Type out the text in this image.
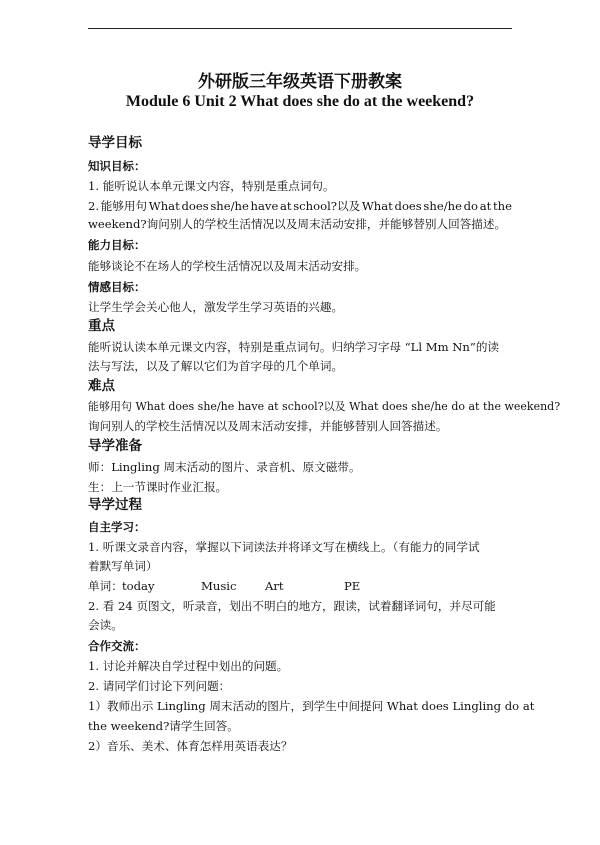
外研版三年级英语下册教案
Module 6 Unit 2 What does she do at the weekend?
导学目标
知识目标：
1. 能听说认本单元课文内容，特别是重点词句。
2. 能够用句 What does she/he have at school?以及 What does she/he do at the
weekend?询问别人的学校生活情况以及周末活动安排，并能够替别人回答描述。
能力目标：
能够谈论不在场人的学校生活情况以及周末活动安排。
情感目标：
让学生学会关心他人，激发学生学习英语的兴趣。
重点
能听说认读本单元课文内容，特别是重点词句。归纳学习字母 “Ll Mm Nn”的读
法与写法，以及了解以它们为首字母的几个单词。
难点
能够用句 What does she/he have at school?以及 What does she/he do at the weekend?
询问别人的学校生活情况以及周末活动安排，并能够替别人回答描述。
导学准备
师：Lingling 周末活动的图片、录音机、原文磁带。
生：上一节课时作业汇报。
导学过程
自主学习：
1. 听课文录音内容，掌握以下词读法并将译文写在横线上。（有能力的同学试
着默写单词）
单词：today	Music Art	PE
2. 看 24 页图文，听录音，划出不明白的地方，跟读，试着翻译词句，并尽可能
会读。
合作交流：
1. 讨论并解决自学过程中划出的问题。
2. 请同学们讨论下列问题：
1）教师出示 Lingling 周末活动的图片，到学生中间提问 What does Lingling do at
the weekend?请学生回答。
2）音乐、美术、体育怎样用英语表达？
